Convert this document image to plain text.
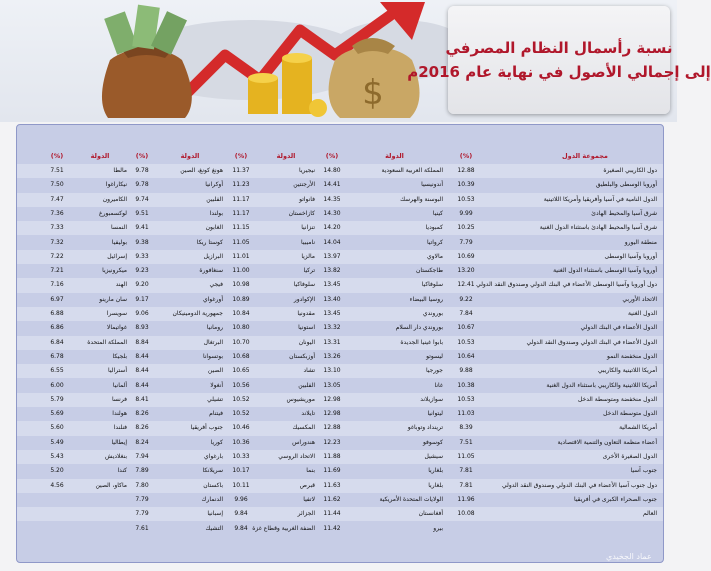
$
نسبة رأسمال النظام المصرفي
إلى إجمالي الأصول في نهاية عام 2016م
مجموعة الدول
(%)
الدولة
(%)
الدولة
(%)
الدولة
(%)
الدولة
(%)
دول الكاريبي الصغيرة
12.88
المملكة العربية السعودية
14.80
نيجيريا
11.37
هونغ كونغ، الصين
9.78
مالطا
7.51
أوروبا الوسطى والبلطيق
10.39
أندونيسيا
14.41
الأرجنتين
11.23
أوكرانيا
9.78
نيكاراغوا
7.50
الدول النامية في آسيا وأفريقيا وأمريكا اللاتينية
10.53
البوسنة والهرسك
14.35
فانواتو
11.17
الفلبين
9.74
الكاميرون
7.47
شرق آسيا والمحيط الهادئ
9.99
كينيا
14.30
كازاخستان
11.17
بولندا
9.51
لوكسمبورغ
7.36
شرق آسيا والمحيط الهادئ باستثناء الدول الغنية
10.25
كمبوديا
14.20
تنزانيا
11.15
الغابون
9.41
النمسا
7.33
منطقة اليورو
7.79
كرواتيا
14.04
ناميبيا
11.05
كوستا ريكا
9.38
بوليفيا
7.32
أوروبا وآسيا الوسطى
10.69
مالاوي
13.97
مالزيا
11.01
البرازيل
9.33
إسرائيل
7.22
أوروبا وآسيا الوسطى باستثناء الدول الغنية
13.20
طاجكستان
13.82
تركيا
11.00
سنغافورة
9.23
ميكرونيزيا
7.21
دول أوروبا وآسيا الوسطى الأعضاء في البنك الدولي وصندوق النقد الدولي
12.41
سلوفاكيا
13.45
سلوفاكيا
10.98
فيجي
9.20
الهند
7.16
الاتحاد الأوربي
9.22
روسيا البيضاء
13.40
الإكوادور
10.89
أورغواي
9.17
سان مارينو
6.97
الدول الغنية
7.84
بوروندي
13.45
مقدونيا
10.84
جمهورية الدومينيكان
9.06
سويسرا
6.88
الدول الأعضاء في البنك الدولي
10.67
بوروندي دار السلام
13.32
استونيا
10.80
رومانيا
8.93
غواتيمالا
6.86
الدول الأعضاء في البنك الدولي وصندوق النقد الدولي
10.53
بابوا غينيا الجديدة
13.31
اليونان
10.70
البرتغال
8.84
المملكة المتحدة
6.84
الدول منخفضة النمو
10.64
ليسوتو
13.26
أوزبكستان
10.68
بوتسوانا
8.44
بلجيكا
6.78
أمريكا اللاتينية والكاريبي
9.88
جورجيا
13.10
تشاد
10.65
الصين
8.44
أستراليا
6.55
أمريكا اللاتينية والكاريبي باستثناء الدول الغنية
10.38
غانا
13.05
الفلبين
10.56
أنغولا
8.44
ألمانيا
6.00
الدول منخفضة ومتوسطة الدخل
10.53
سوازيلاند
12.98
موريشيوس
10.52
تشيلي
8.41
فرنسا
5.79
الدول متوسطة الدخل
11.03
ليتوانيا
12.98
تايلاند
10.52
فيتنام
8.26
هولندا
5.69
أمريكا الشمالية
8.39
ترينداد وتوباغو
12.88
المكسيك
10.46
جنوب أفريقيا
8.26
فنلندا
5.60
أعضاء منظمة التعاون والتنمية الاقتصادية
7.51
كوسوفو
12.23
هندوراس
10.36
كوريا
8.24
إيطاليا
5.49
الدول الصغيرة الأخرى
11.05
سيشيل
11.88
الاتحاد الروسي
10.33
بارغواي
7.94
بنغلاديش
5.43
جنوب آسيا
7.81
بلغاريا
11.69
بنما
10.17
سريلانكا
7.89
كندا
5.20
دول جنوب آسيا الأعضاء في البنك الدولي وصندوق النقد الدولي
7.81
بلغاريا
11.63
قبرص
10.11
باكستان
7.80
ماكاو، الصين
4.56
جنوب الصحراء الكبرى في أفريقيا
11.96
الولايات المتحدة الأمريكية
11.62
لاتفيا
9.96
الدنمارك
7.79
العالم
10.08
أفغانستان
11.44
الجزائر
9.84
إسبانيا
7.79
بيرو
11.42
الضفة الغربية وقطاع غزة
9.84
التشيك
7.61
عماد الجخيدي
